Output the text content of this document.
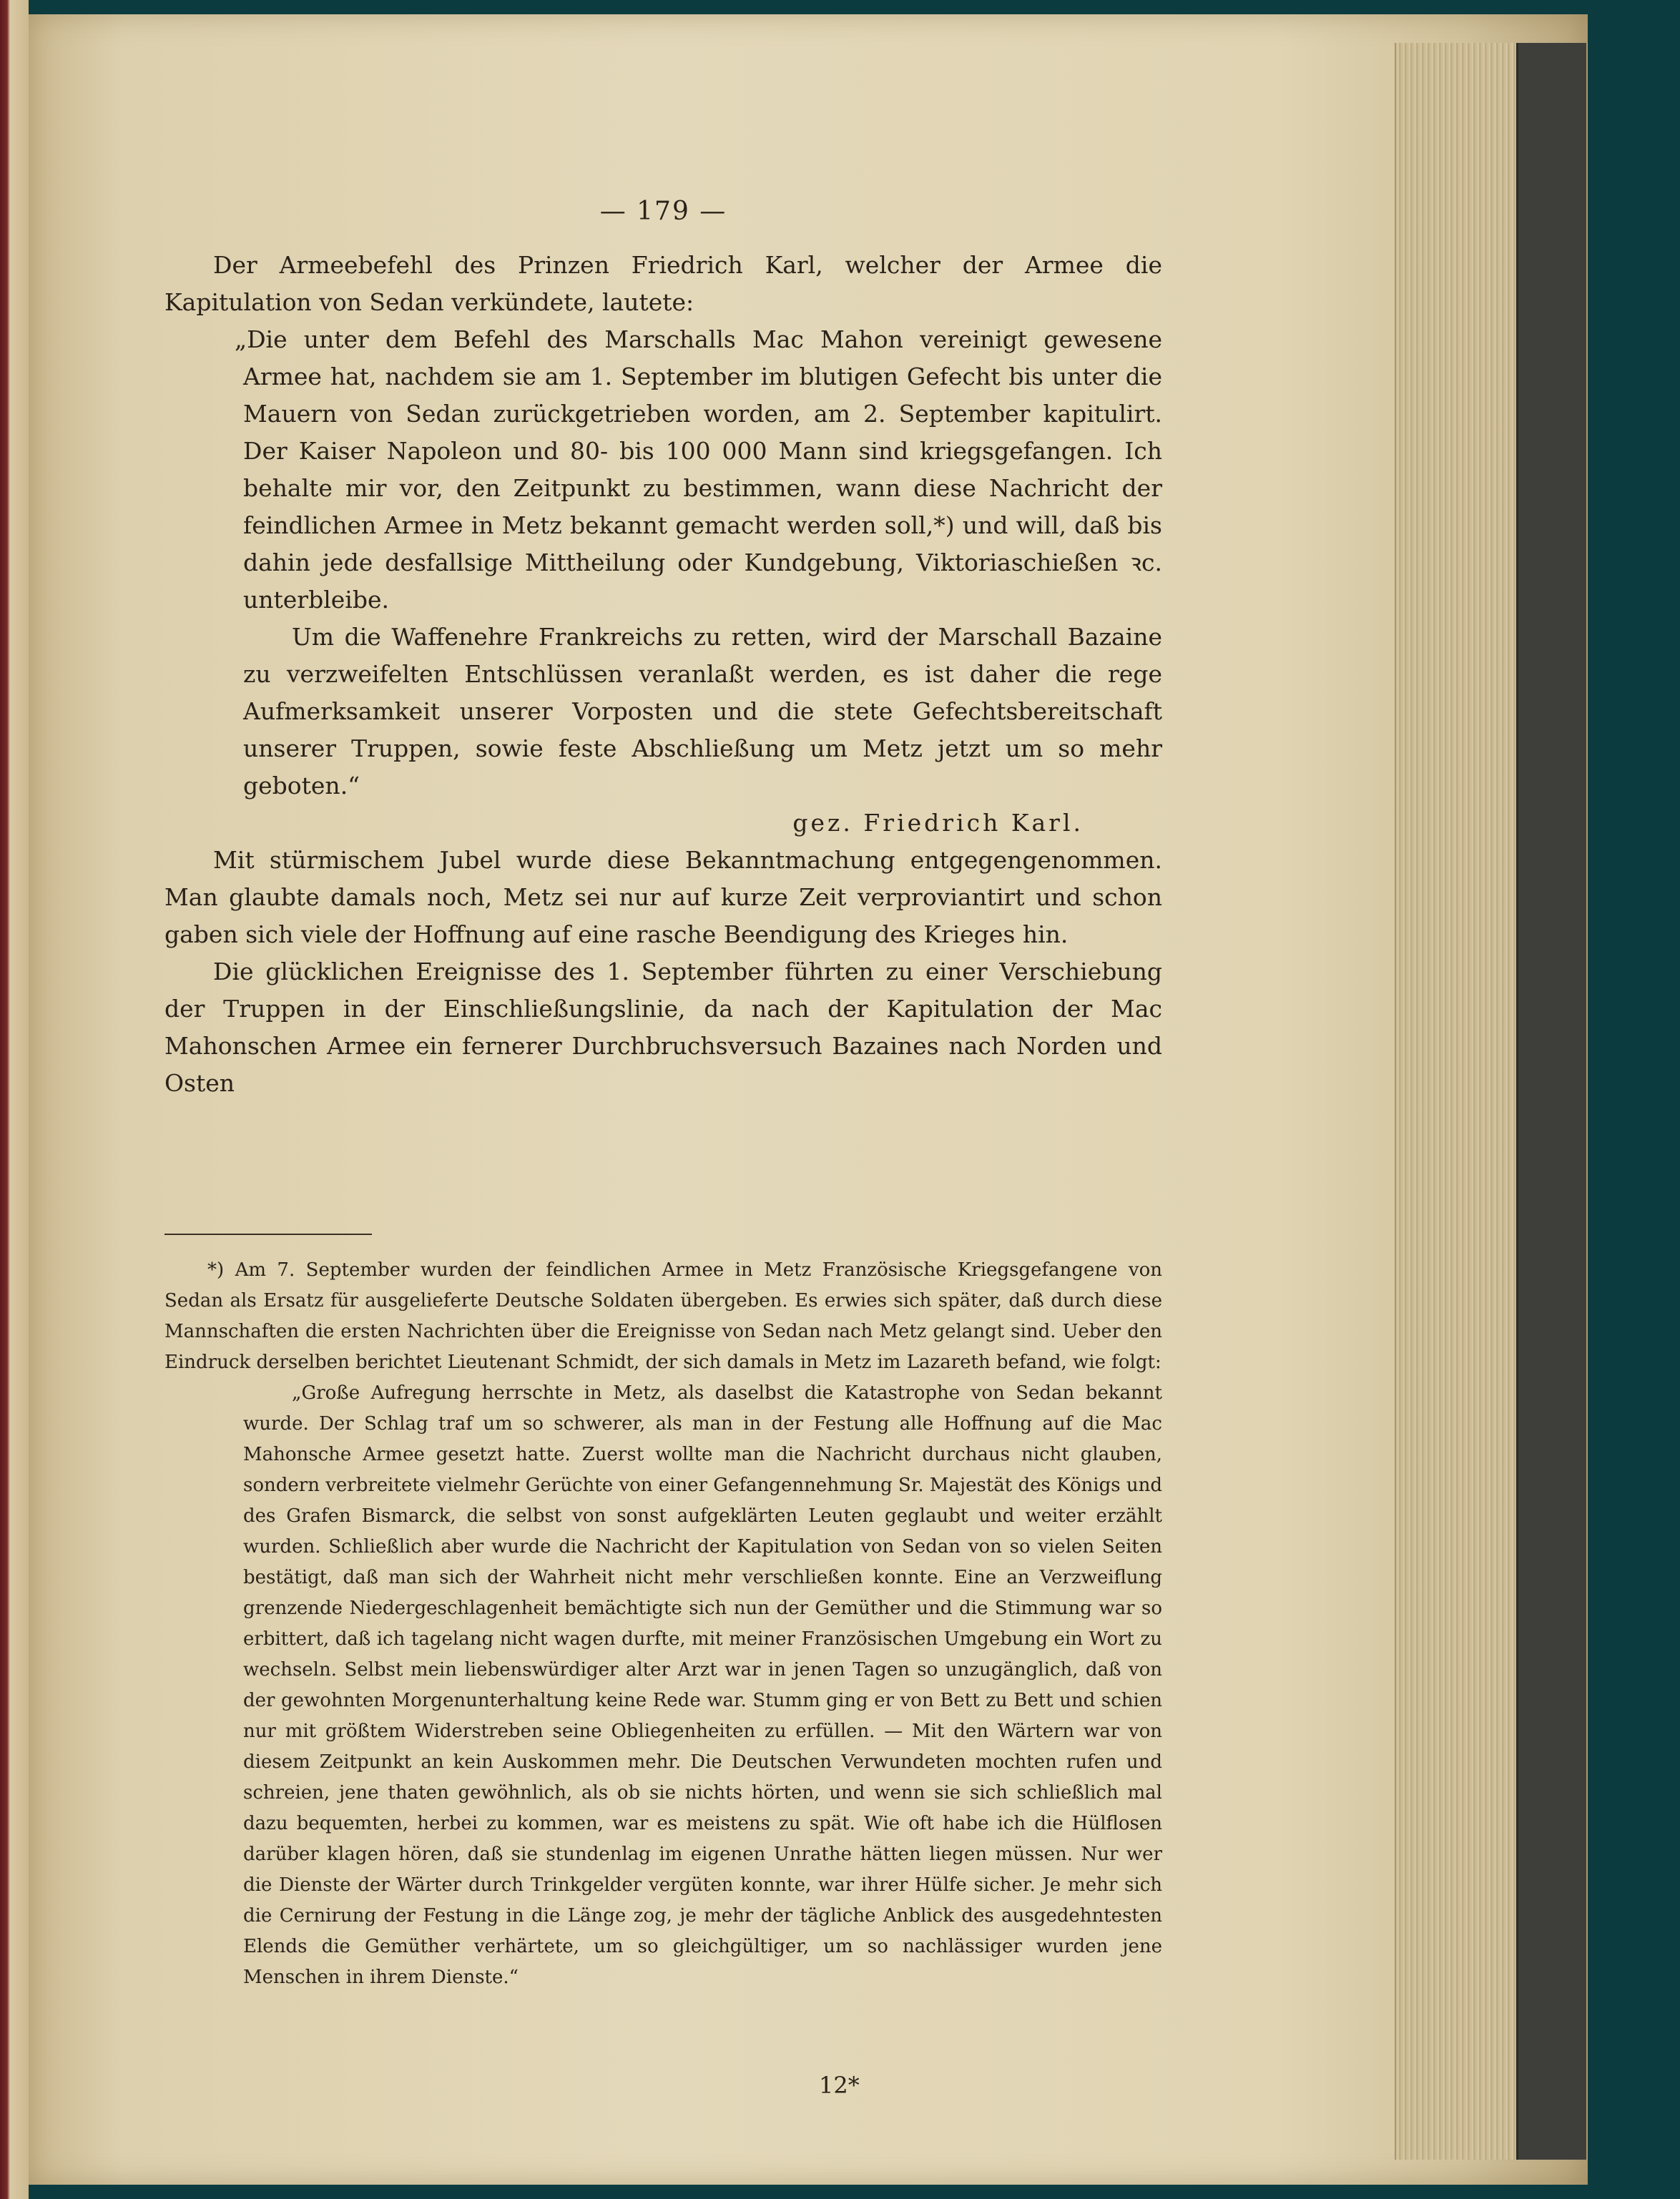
— 179 —

Der Armeebefehl des Prinzen Friedrich Karl, welcher der Armee die Kapitulation von Sedan verkündete, lautete:

„Die unter dem Befehl des Marschalls Mac Mahon vereinigt gewesene Armee hat, nachdem sie am 1. September im blutigen Gefecht bis unter die Mauern von Sedan zurückgetrieben worden, am 2. September kapitulirt. Der Kaiser Napoleon und 80- bis 100 000 Mann sind kriegsgefangen. Ich behalte mir vor, den Zeitpunkt zu bestimmen, wann diese Nachricht der feindlichen Armee in Metz bekannt gemacht werden soll,*) und will, daß bis dahin jede desfallsige Mittheilung oder Kundgebung, Viktoriaschießen ꝛc. unterbleibe.

Um die Waffenehre Frankreichs zu retten, wird der Marschall Bazaine zu verzweifelten Entschlüssen veranlaßt werden, es ist daher die rege Aufmerksamkeit unserer Vorposten und die stete Gefechtsbereitschaft unserer Truppen, sowie feste Abschließung um Metz jetzt um so mehr geboten.“

gez. Friedrich Karl.

Mit stürmischem Jubel wurde diese Bekanntmachung entgegengenommen. Man glaubte damals noch, Metz sei nur auf kurze Zeit verproviantirt und schon gaben sich viele der Hoffnung auf eine rasche Beendigung des Krieges hin.

Die glücklichen Ereignisse des 1. September führten zu einer Verschiebung der Truppen in der Einschließungslinie, da nach der Kapitulation der Mac Mahonschen Armee ein fernerer Durchbruchsversuch Bazaines nach Norden und Osten

*) Am 7. September wurden der feindlichen Armee in Metz Französische Kriegsgefangene von Sedan als Ersatz für ausgelieferte Deutsche Soldaten übergeben. Es erwies sich später, daß durch diese Mannschaften die ersten Nachrichten über die Ereignisse von Sedan nach Metz gelangt sind. Ueber den Eindruck derselben berichtet Lieutenant Schmidt, der sich damals in Metz im Lazareth befand, wie folgt:

„Große Aufregung herrschte in Metz, als daselbst die Katastrophe von Sedan bekannt wurde. Der Schlag traf um so schwerer, als man in der Festung alle Hoffnung auf die Mac Mahonsche Armee gesetzt hatte. Zuerst wollte man die Nachricht durchaus nicht glauben, sondern verbreitete vielmehr Gerüchte von einer Gefangennehmung Sr. Majestät des Königs und des Grafen Bismarck, die selbst von sonst aufgeklärten Leuten geglaubt und weiter erzählt wurden. Schließlich aber wurde die Nachricht der Kapitulation von Sedan von so vielen Seiten bestätigt, daß man sich der Wahrheit nicht mehr verschließen konnte. Eine an Verzweiflung grenzende Niedergeschlagenheit bemächtigte sich nun der Gemüther und die Stimmung war so erbittert, daß ich tagelang nicht wagen durfte, mit meiner Französischen Umgebung ein Wort zu wechseln. Selbst mein liebenswürdiger alter Arzt war in jenen Tagen so unzugänglich, daß von der gewohnten Morgenunterhaltung keine Rede war. Stumm ging er von Bett zu Bett und schien nur mit größtem Widerstreben seine Obliegenheiten zu erfüllen. — Mit den Wärtern war von diesem Zeitpunkt an kein Auskommen mehr. Die Deutschen Verwundeten mochten rufen und schreien, jene thaten gewöhnlich, als ob sie nichts hörten, und wenn sie sich schließlich mal dazu bequemten, herbei zu kommen, war es meistens zu spät. Wie oft habe ich die Hülflosen darüber klagen hören, daß sie stundenlag im eigenen Unrathe hätten liegen müssen. Nur wer die Dienste der Wärter durch Trinkgelder vergüten konnte, war ihrer Hülfe sicher. Je mehr sich die Cernirung der Festung in die Länge zog, je mehr der tägliche Anblick des ausgedehntesten Elends die Gemüther verhärtete, um so gleichgültiger, um so nachlässiger wurden jene Menschen in ihrem Dienste.“

12*
